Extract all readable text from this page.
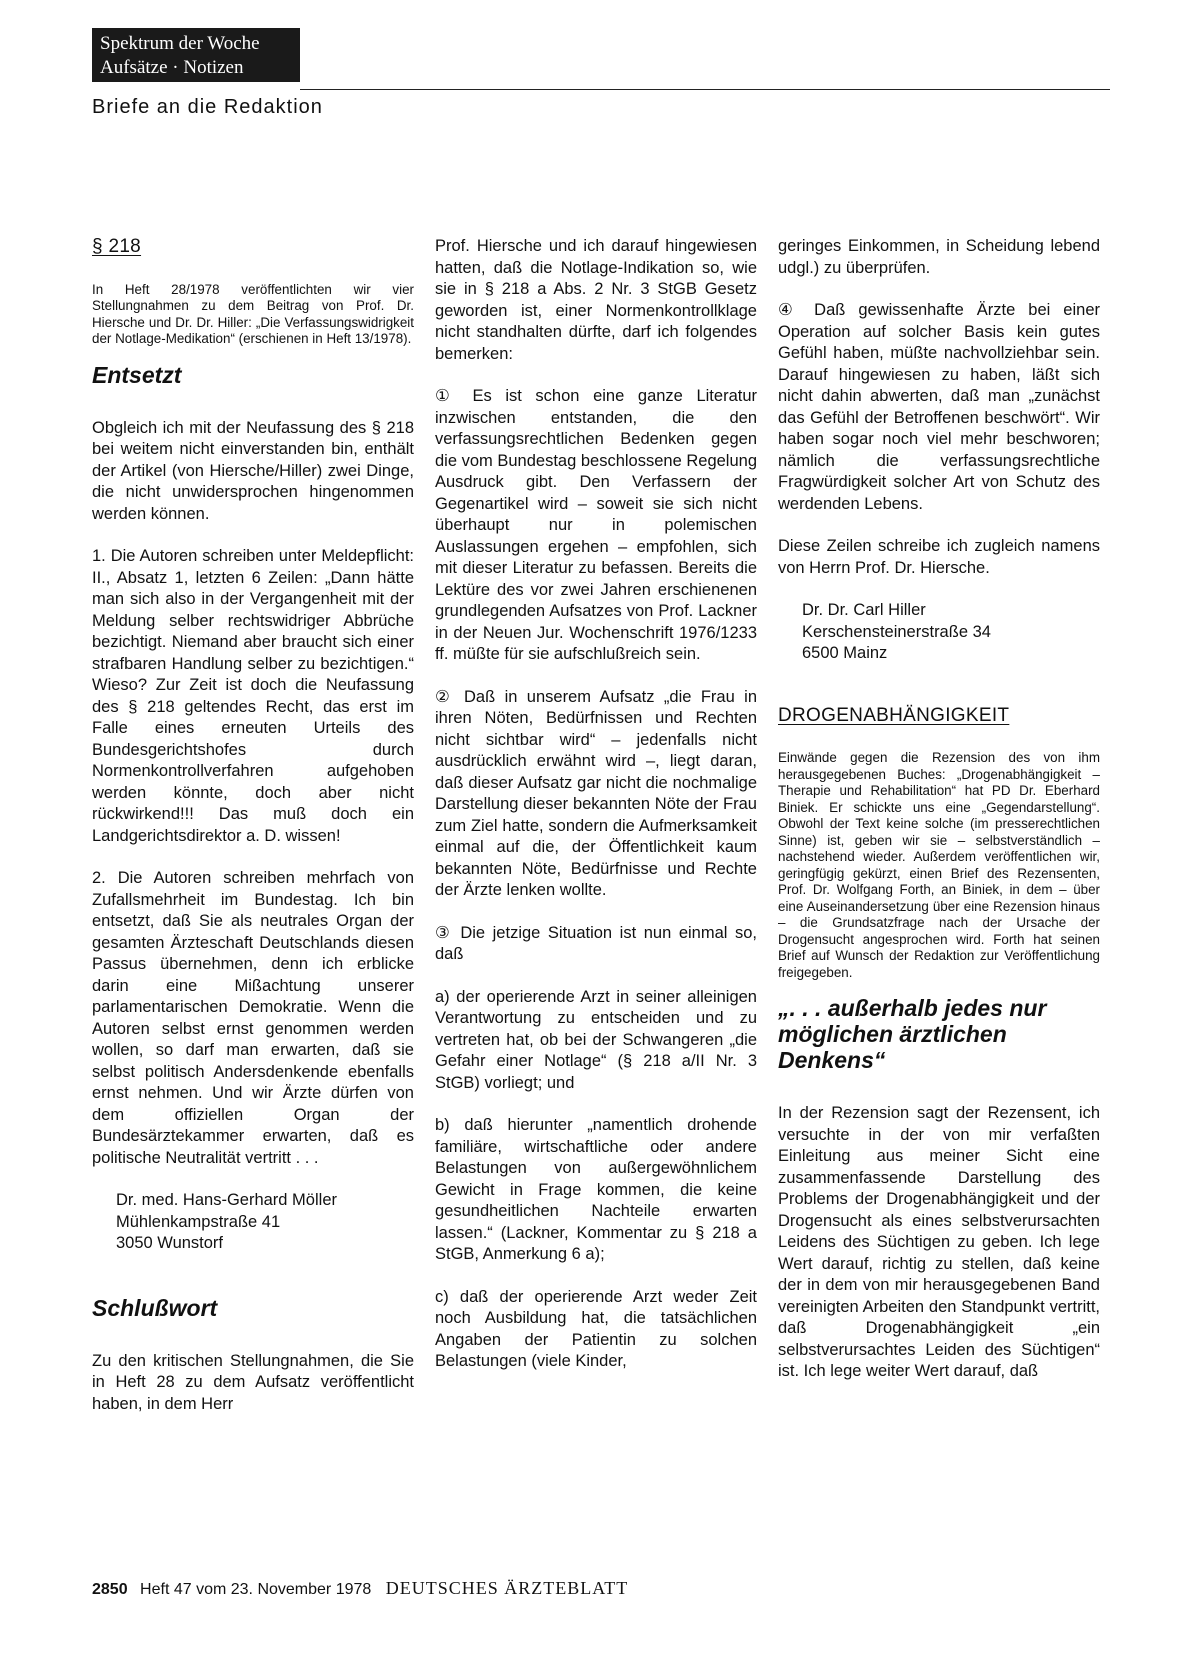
Spektrum der Woche
Aufsätze · Notizen
Briefe an die Redaktion
§ 218
In Heft 28/1978 veröffentlichten wir vier Stellungnahmen zu dem Beitrag von Prof. Dr. Hiersche und Dr. Dr. Hiller: „Die Verfassungswidrigkeit der Notlage-Medikation“ (erschienen in Heft 13/1978).
Entsetzt

Obgleich ich mit der Neufassung des § 218 bei weitem nicht einverstanden bin, enthält der Artikel (von Hiersche/Hiller) zwei Dinge, die nicht unwidersprochen hingenommen werden können.

1. Die Autoren schreiben unter Meldepflicht: II., Absatz 1, letzten 6 Zeilen: „Dann hätte man sich also in der Vergangenheit mit der Meldung selber rechtswidriger Abbrüche bezichtigt. Niemand aber braucht sich einer strafbaren Handlung selber zu bezichtigen.“ Wieso? Zur Zeit ist doch die Neufassung des § 218 geltendes Recht, das erst im Falle eines erneuten Urteils des Bundesgerichtshofes durch Normenkontrollverfahren aufgehoben werden könnte, doch aber nicht rückwirkend!!! Das muß doch ein Landgerichtsdirektor a. D. wissen!

2. Die Autoren schreiben mehrfach von Zufallsmehrheit im Bundestag. Ich bin entsetzt, daß Sie als neutrales Organ der gesamten Ärzteschaft Deutschlands diesen Passus übernehmen, denn ich erblicke darin eine Mißachtung unserer parlamentarischen Demokratie. Wenn die Autoren selbst ernst genommen werden wollen, so darf man erwarten, daß sie selbst politisch Andersdenkende ebenfalls ernst nehmen. Und wir Ärzte dürfen von dem offiziellen Organ der Bundesärztekammer erwarten, daß es politische Neutralität vertritt . . .

Dr. med. Hans-Gerhard Möller
Mühlenkampstraße 41
3050 Wunstorf
Schlußwort

Zu den kritischen Stellungnahmen, die Sie in Heft 28 zu dem Aufsatz veröffentlicht haben, in dem Herr

Prof. Hiersche und ich darauf hingewiesen hatten, daß die Notlage-Indikation so, wie sie in § 218 a Abs. 2 Nr. 3 StGB Gesetz geworden ist, einer Normenkontrollklage nicht standhalten dürfte, darf ich folgendes bemerken:

① Es ist schon eine ganze Literatur inzwischen entstanden, die den verfassungsrechtlichen Bedenken gegen die vom Bundestag beschlossene Regelung Ausdruck gibt. Den Verfassern der Gegenartikel wird – soweit sie sich nicht überhaupt nur in polemischen Auslassungen ergehen – empfohlen, sich mit dieser Literatur zu befassen. Bereits die Lektüre des vor zwei Jahren erschienenen grundlegenden Aufsatzes von Prof. Lackner in der Neuen Jur. Wochenschrift 1976/1233 ff. müßte für sie aufschlußreich sein.

② Daß in unserem Aufsatz „die Frau in ihren Nöten, Bedürfnissen und Rechten nicht sichtbar wird“ – jedenfalls nicht ausdrücklich erwähnt wird –, liegt daran, daß dieser Aufsatz gar nicht die nochmalige Darstellung dieser bekannten Nöte der Frau zum Ziel hatte, sondern die Aufmerksamkeit einmal auf die, der Öffentlichkeit kaum bekannten Nöte, Bedürfnisse und Rechte der Ärzte lenken wollte.

③ Die jetzige Situation ist nun einmal so, daß

a) der operierende Arzt in seiner alleinigen Verantwortung zu entscheiden und zu vertreten hat, ob bei der Schwangeren „die Gefahr einer Notlage“ (§ 218 a/II Nr. 3 StGB) vorliegt; und

b) daß hierunter „namentlich drohende familiäre, wirtschaftliche oder andere Belastungen von außergewöhnlichem Gewicht in Frage kommen, die keine gesundheitlichen Nachteile erwarten lassen.“ (Lackner, Kommentar zu § 218 a StGB, Anmerkung 6 a);

c) daß der operierende Arzt weder Zeit noch Ausbildung hat, die tatsächlichen Angaben der Patientin zu solchen Belastungen (viele Kinder,

geringes Einkommen, in Scheidung lebend udgl.) zu überprüfen.

④ Daß gewissenhafte Ärzte bei einer Operation auf solcher Basis kein gutes Gefühl haben, müßte nachvollziehbar sein. Darauf hingewiesen zu haben, läßt sich nicht dahin abwerten, daß man „zunächst das Gefühl der Betroffenen beschwört“. Wir haben sogar noch viel mehr beschworen; nämlich die verfassungsrechtliche Fragwürdigkeit solcher Art von Schutz des werdenden Lebens.

Diese Zeilen schreibe ich zugleich namens von Herrn Prof. Dr. Hiersche.

Dr. Dr. Carl Hiller
Kerschensteinerstraße 34
6500 Mainz
DROGENABHÄNGIGKEIT
Einwände gegen die Rezension des von ihm herausgegebenen Buches: „Drogenabhängigkeit – Therapie und Rehabilitation“ hat PD Dr. Eberhard Biniek. Er schickte uns eine „Gegendarstellung“. Obwohl der Text keine solche (im presserechtlichen Sinne) ist, geben wir sie – selbstverständlich – nachstehend wieder. Außerdem veröffentlichen wir, geringfügig gekürzt, einen Brief des Rezensenten, Prof. Dr. Wolfgang Forth, an Biniek, in dem – über eine Auseinandersetzung über eine Rezension hinaus – die Grundsatzfrage nach der Ursache der Drogensucht angesprochen wird. Forth hat seinen Brief auf Wunsch der Redaktion zur Veröffentlichung freigegeben.
„. . . außerhalb jedes nur möglichen ärztlichen Denkens“

In der Rezension sagt der Rezensent, ich versuchte in der von mir verfaßten Einleitung aus meiner Sicht eine zusammenfassende Darstellung des Problems der Drogenabhängigkeit und der Drogensucht als eines selbstverursachten Leidens des Süchtigen zu geben. Ich lege Wert darauf, richtig zu stellen, daß keine der in dem von mir herausgegebenen Band vereinigten Arbeiten den Standpunkt vertritt, daß Drogenabhängigkeit „ein selbstverursachtes Leiden des Süchtigen“ ist. Ich lege weiter Wert darauf, daß

2850 Heft 47 vom 23. November 1978 DEUTSCHES ÄRZTEBLATT
